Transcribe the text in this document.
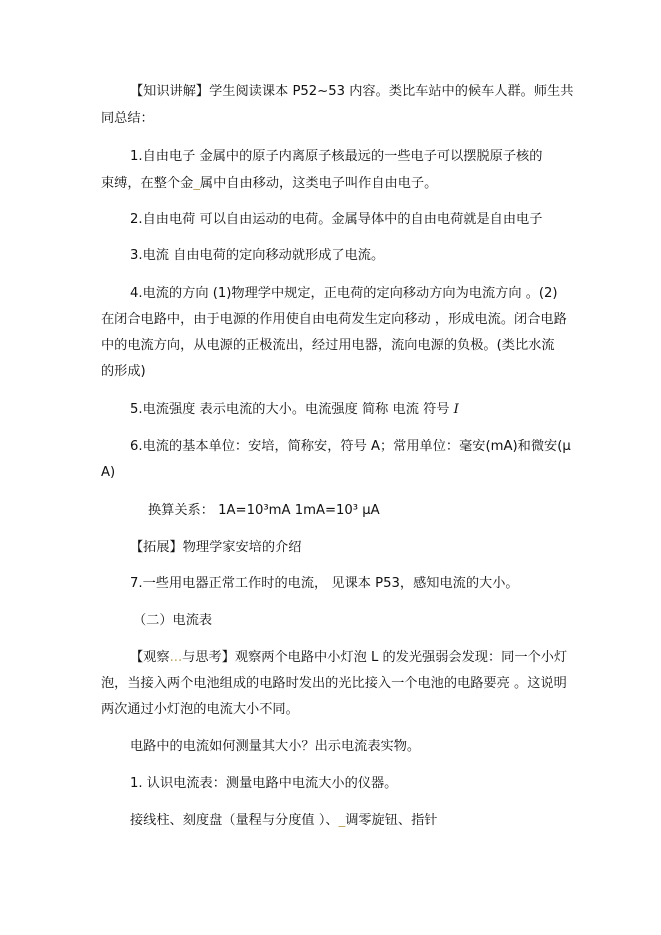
【知识讲解】学生阅读课本 P52~53 内容。类比车站中的候车人群。师生共
同总结：
1.自由电子 金属中的原子内离原子核最远的一些电子可以摆脱原子核的
束缚，在整个金_属中自由移动，这类电子叫作自由电子。
2.自由电荷 可以自由运动的电荷。金属导体中的自由电荷就是自由电子
3.电流 自由电荷的定向移动就形成了电流。
4.电流的方向 (1)物理学中规定，正电荷的定向移动方向为电流方向 。(2)
在闭合电路中，由于电源的作用使自由电荷发生定向移动 ，形成电流。闭合电路
中的电流方向，从电源的正极流出，经过用电器，流向电源的负极。(类比水流
的形成)
5.电流强度 表示电流的大小。电流强度 简称 电流 符号 I
6.电流的基本单位：安培，简称安，符号 A；常用单位：毫安(mA)和微安(μ
A)
换算关系： 1A=10³mA 1mA=10³ μA
【拓展】物理学家安培的介绍
7.一些用电器正常工作时的电流， 见课本 P53，感知电流的大小。
（二）电流表
【观察...与思考】观察两个电路中小灯泡 L 的发光强弱会发现：同一个小灯
泡，当接入两个电池组成的电路时发出的光比接入一个电池的电路要亮 。这说明
两次通过小灯泡的电流大小不同。
电路中的电流如何测量其大小？出示电流表实物。
1. 认识电流表：测量电路中电流大小的仪器。
接线柱、刻度盘（量程与分度值 ）、_调零旋钮、指针
